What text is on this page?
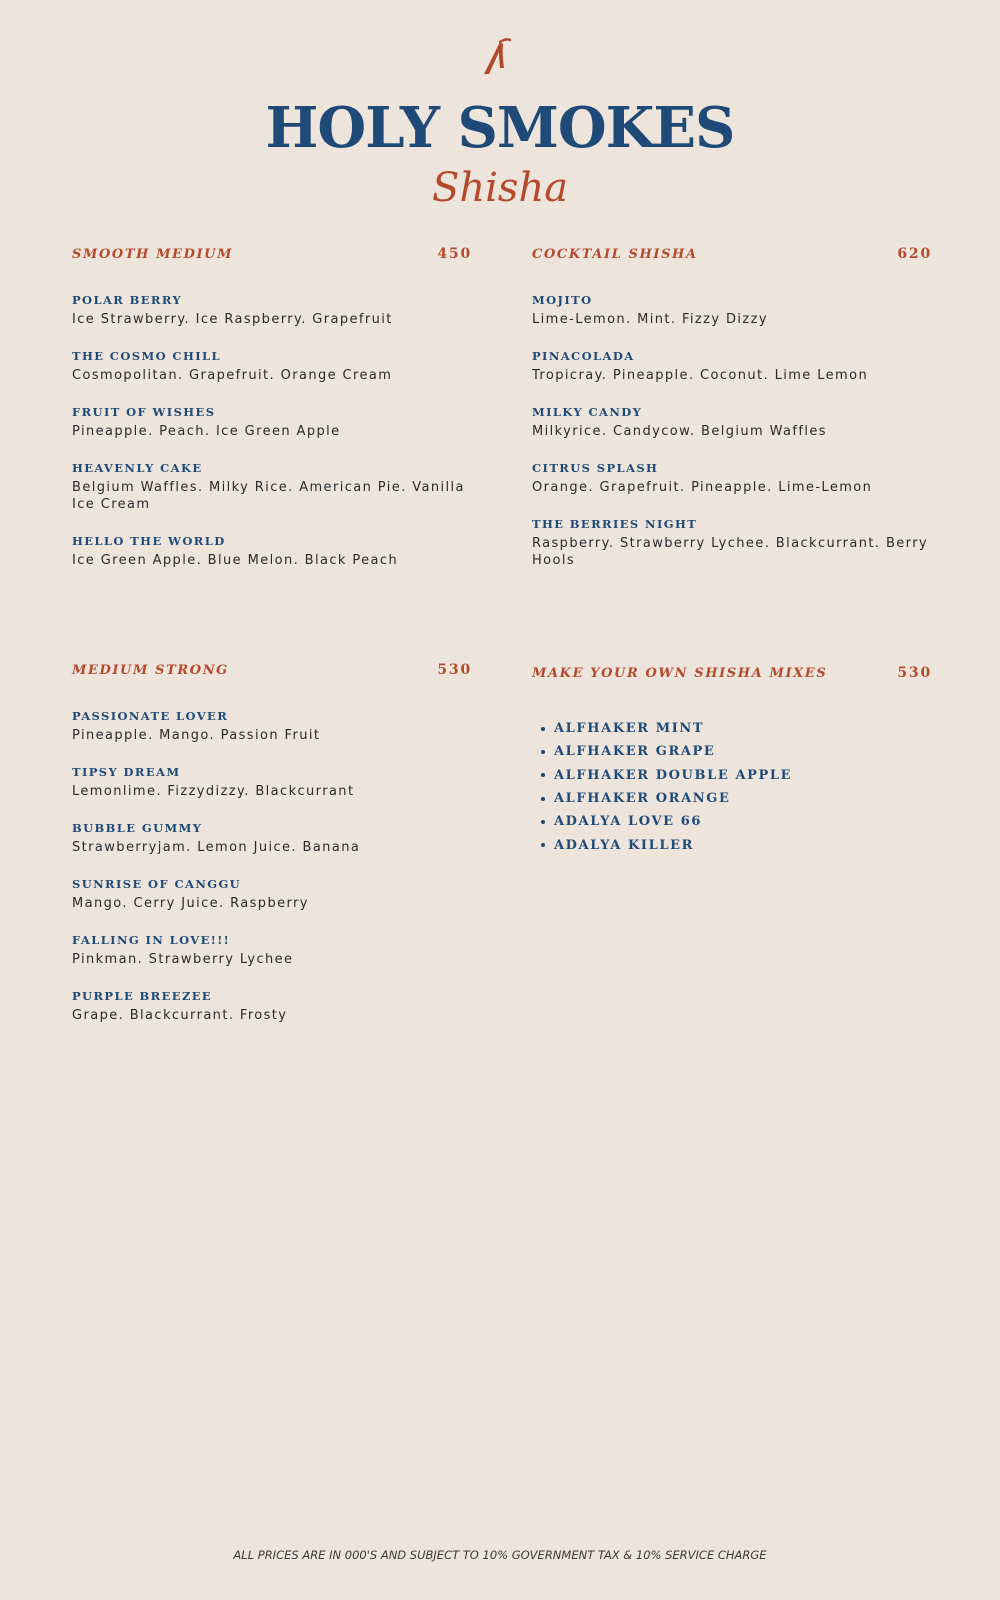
HOLY SMOKES
Shisha
SMOOTH MEDIUM	450
POLAR BERRY
Ice Strawberry. Ice Raspberry. Grapefruit
THE COSMO CHILL
Cosmopolitan. Grapefruit. Orange Cream
FRUIT OF WISHES
Pineapple. Peach. Ice Green Apple
HEAVENLY CAKE
Belgium Waffles. Milky Rice. American Pie. Vanilla Ice Cream
HELLO THE WORLD
Ice Green Apple. Blue Melon. Black Peach
COCKTAIL SHISHA	620
MOJITO
Lime-Lemon. Mint. Fizzy Dizzy
PINACOLADA
Tropicray. Pineapple. Coconut. Lime Lemon
MILKY CANDY
Milkyrice. Candycow. Belgium Waffles
CITRUS SPLASH
Orange. Grapefruit. Pineapple. Lime-Lemon
THE BERRIES NIGHT
Raspberry. Strawberry Lychee. Blackcurrant. Berry Hools
MEDIUM STRONG	530
PASSIONATE LOVER
Pineapple. Mango. Passion Fruit
TIPSY DREAM
Lemonlime. Fizzydizzy. Blackcurrant
BUBBLE GUMMY
Strawberryjam. Lemon Juice. Banana
SUNRISE OF CANGGU
Mango. Cerry Juice. Raspberry
FALLING IN LOVE!!!
Pinkman. Strawberry Lychee
PURPLE BREEZEE
Grape. Blackcurrant. Frosty
MAKE YOUR OWN SHISHA MIXES	530
ALFHAKER MINT
ALFHAKER GRAPE
ALFHAKER DOUBLE APPLE
ALFHAKER ORANGE
ADALYA LOVE 66
ADALYA KILLER
ALL PRICES ARE IN 000'S AND SUBJECT TO 10% GOVERNMENT TAX & 10% SERVICE CHARGE
